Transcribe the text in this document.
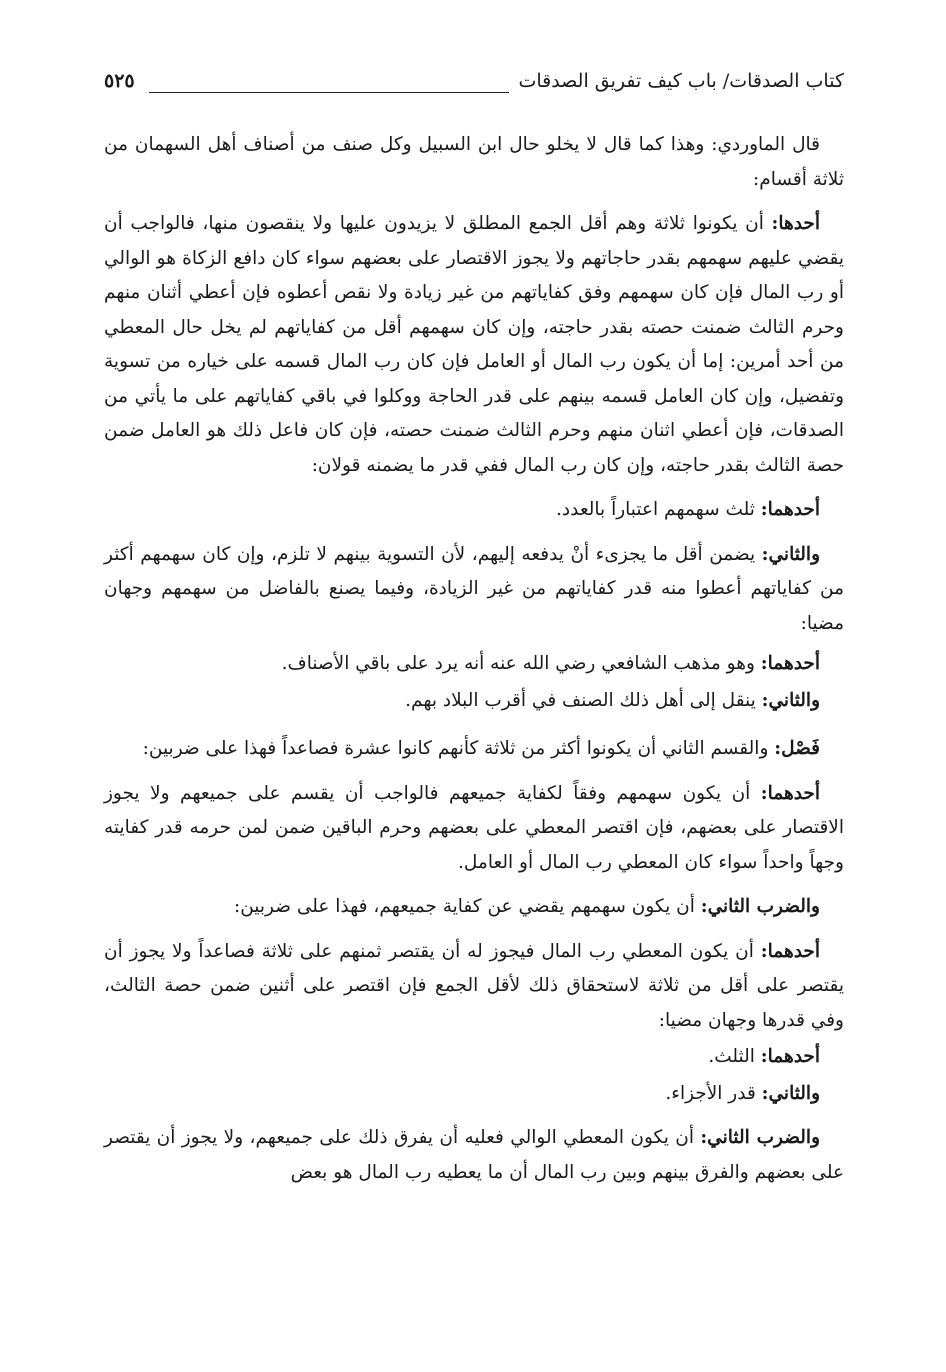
كتاب الصدقات/ باب كيف تفريق الصدقات
٥٢٥

قال الماوردي: وهذا كما قال لا يخلو حال ابن السبيل وكل صنف من أصناف أهل السهمان من ثلاثة أقسام:

أحدها: أن يكونوا ثلاثة وهم أقل الجمع المطلق لا يزيدون عليها ولا ينقصون منها، فالواجب أن يقضي عليهم سهمهم بقدر حاجاتهم ولا يجوز الاقتصار على بعضهم سواء كان دافع الزكاة هو الوالي أو رب المال فإن كان سهمهم وفق كفاياتهم من غير زيادة ولا نقص أعطوه فإن أعطي أثنان منهم وحرم الثالث ضمنت حصته بقدر حاجته، وإن كان سهمهم أقل من كفاياتهم لم يخل حال المعطي من أحد أمرين: إما أن يكون رب المال أو العامل فإن كان رب المال قسمه على خياره من تسوية وتفضيل، وإن كان العامل قسمه بينهم على قدر الحاجة ووكلوا في باقي كفاياتهم على ما يأتي من الصدقات، فإن أعطي اثنان منهم وحرم الثالث ضمنت حصته، فإن كان فاعل ذلك هو العامل ضمن حصة الثالث بقدر حاجته، وإن كان رب المال ففي قدر ما يضمنه قولان:

أحدهما: ثلث سهمهم اعتباراً بالعدد.

والثاني: يضمن أقل ما يجزىء أنْ يدفعه إليهم، لأن التسوية بينهم لا تلزم، وإن كان سهمهم أكثر من كفاياتهم أعطوا منه قدر كفاياتهم من غير الزيادة، وفيما يصنع بالفاضل من سهمهم وجهان مضيا:

أحدهما: وهو مذهب الشافعي رضي الله عنه أنه يرد على باقي الأصناف.

والثاني: ينقل إلى أهل ذلك الصنف في أقرب البلاد بهم.

فَصْل: والقسم الثاني أن يكونوا أكثر من ثلاثة كأنهم كانوا عشرة فصاعداً فهذا على ضربين:

أحدهما: أن يكون سهمهم وفقاً لكفاية جميعهم فالواجب أن يقسم على جميعهم ولا يجوز الاقتصار على بعضهم، فإن اقتصر المعطي على بعضهم وحرم الباقين ضمن لمن حرمه قدر كفايته وجهاً واحداً سواء كان المعطي رب المال أو العامل.

والضرب الثاني: أن يكون سهمهم يقضي عن كفاية جميعهم، فهذا على ضربين:

أحدهما: أن يكون المعطي رب المال فيجوز له أن يقتصر ثمنهم على ثلاثة فصاعداً ولا يجوز أن يقتصر على أقل من ثلاثة لاستحقاق ذلك لأقل الجمع فإن اقتصر على أثنين ضمن حصة الثالث، وفي قدرها وجهان مضيا:

أحدهما: الثلث.

والثاني: قدر الأجزاء.

والضرب الثاني: أن يكون المعطي الوالي فعليه أن يفرق ذلك على جميعهم، ولا يجوز أن يقتصر على بعضهم والفرق بينهم وبين رب المال أن ما يعطيه رب المال هو بعض
